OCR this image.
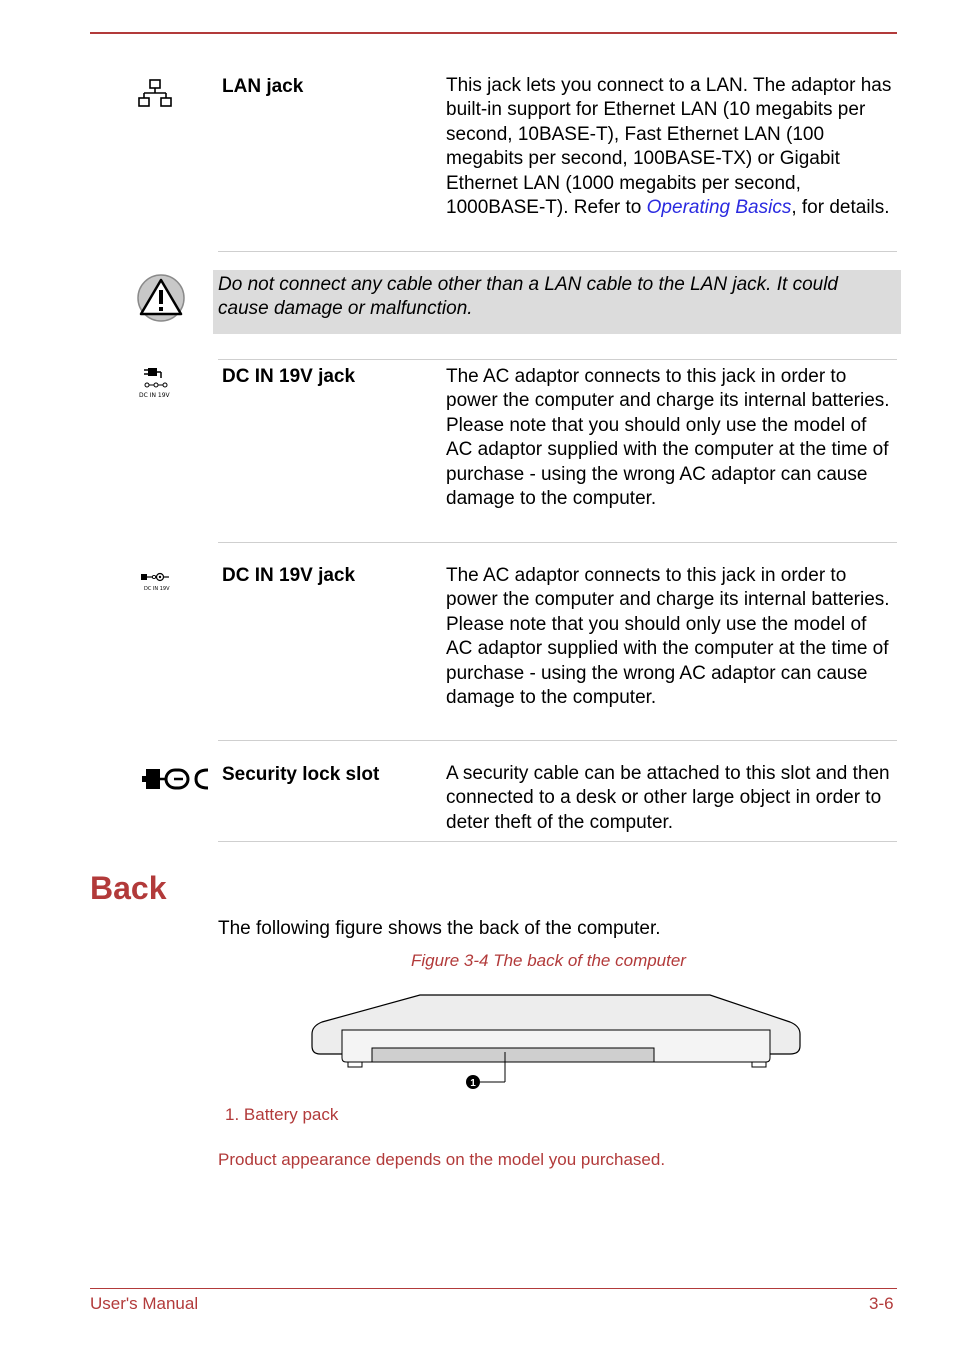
LAN jack	This jack lets you connect to a LAN. The adaptor has built-in support for Ethernet LAN (10 megabits per second, 10BASE-T), Fast Ethernet LAN (100 megabits per second, 100BASE-TX) or Gigabit Ethernet LAN (1000 megabits per second, 1000BASE-T). Refer to Operating Basics, for details.
Do not connect any cable other than a LAN cable to the LAN jack. It could cause damage or malfunction.
DC IN 19V
DC IN 19V jack	The AC adaptor connects to this jack in order to power the computer and charge its internal batteries. Please note that you should only use the model of AC adaptor supplied with the computer at the time of purchase - using the wrong AC adaptor can cause damage to the computer.
DC IN 19V
DC IN 19V jack	The AC adaptor connects to this jack in order to power the computer and charge its internal batteries. Please note that you should only use the model of AC adaptor supplied with the computer at the time of purchase - using the wrong AC adaptor can cause damage to the computer.
Security lock slot	A security cable can be attached to this slot and then connected to a desk or other large object in order to deter theft of the computer.
Back
The following figure shows the back of the computer.
Figure 3-4 The back of the computer
1
1. Battery pack
Product appearance depends on the model you purchased.
User's Manual	3-6
